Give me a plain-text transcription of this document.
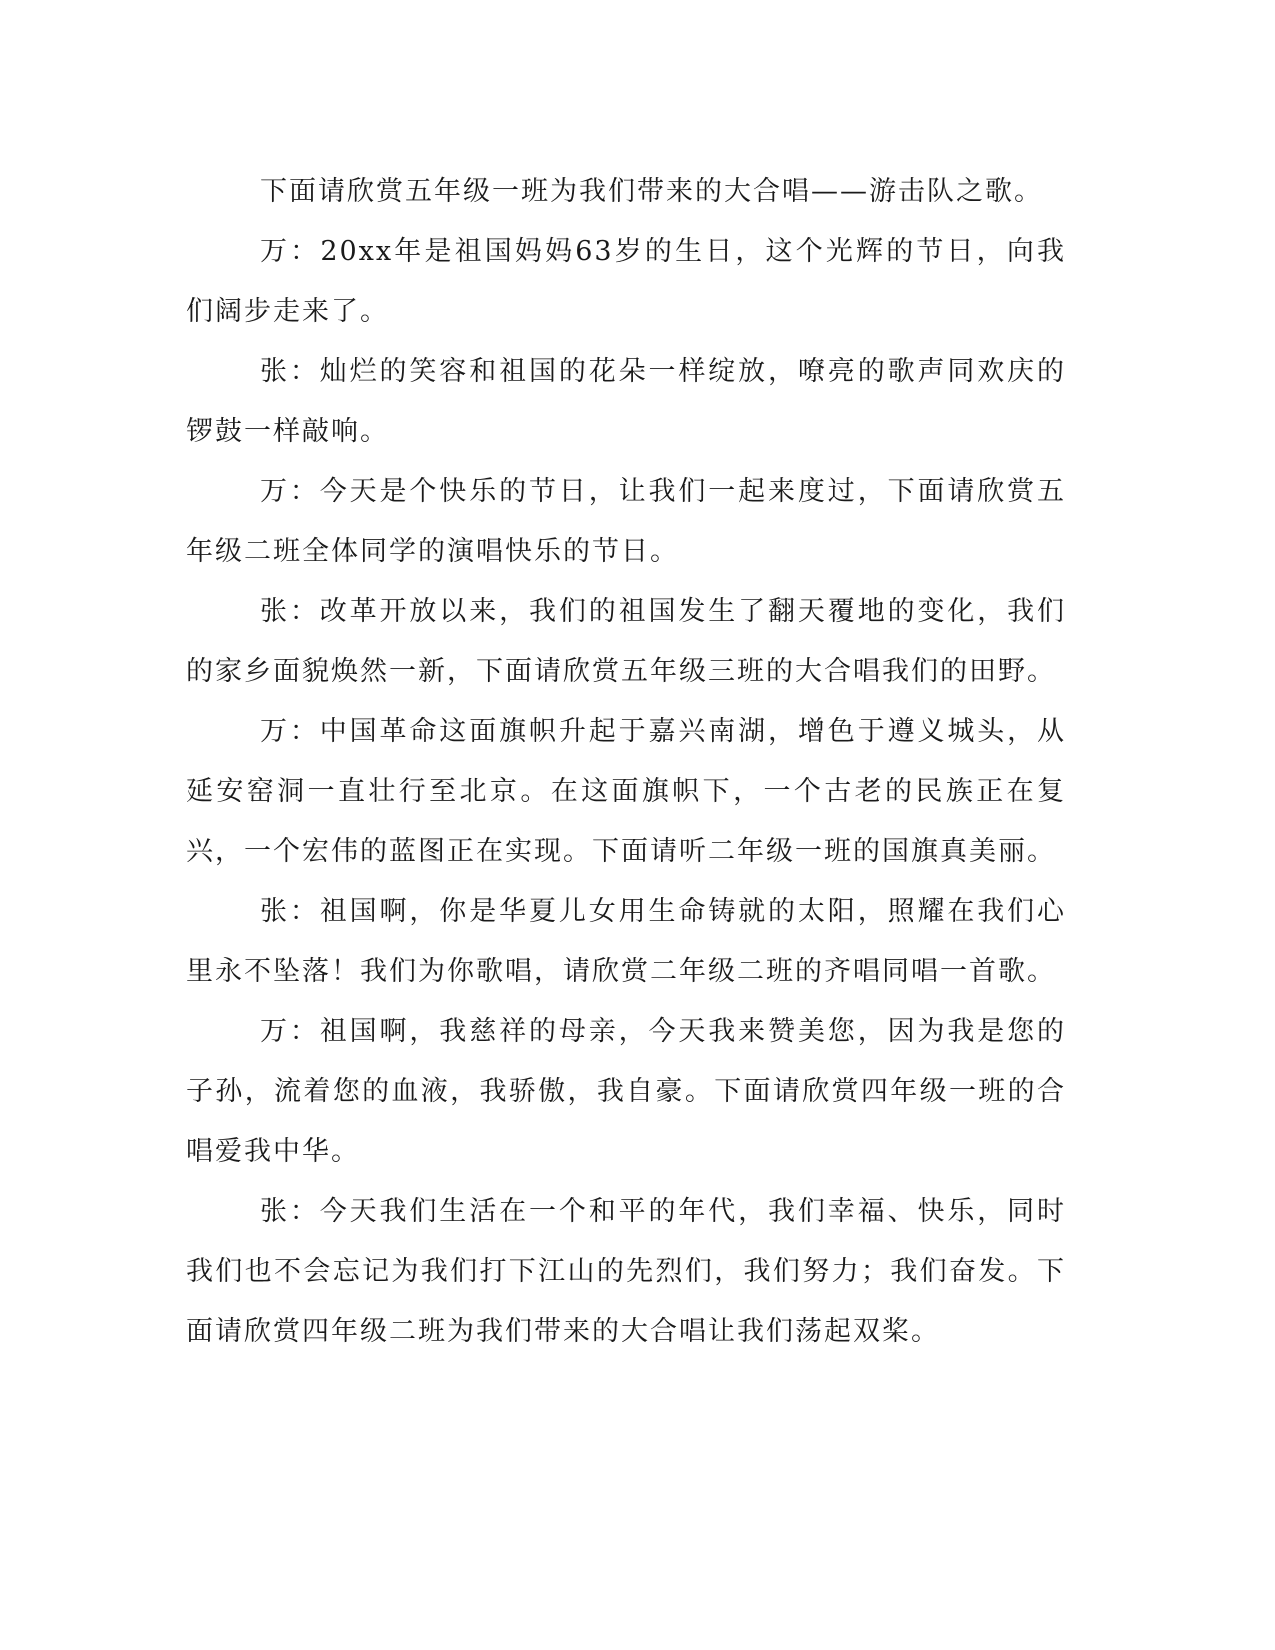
下面请欣赏五年级一班为我们带来的大合唱——游击队之歌。

万：20xx年是祖国妈妈63岁的生日，这个光辉的节日，向我们阔步走来了。

张：灿烂的笑容和祖国的花朵一样绽放，嘹亮的歌声同欢庆的锣鼓一样敲响。

万：今天是个快乐的节日，让我们一起来度过，下面请欣赏五年级二班全体同学的演唱快乐的节日。

张：改革开放以来，我们的祖国发生了翻天覆地的变化，我们的家乡面貌焕然一新，下面请欣赏五年级三班的大合唱我们的田野。

万：中国革命这面旗帜升起于嘉兴南湖，增色于遵义城头，从延安窑洞一直壮行至北京。在这面旗帜下，一个古老的民族正在复兴，一个宏伟的蓝图正在实现。下面请听二年级一班的国旗真美丽。

张：祖国啊，你是华夏儿女用生命铸就的太阳，照耀在我们心里永不坠落！我们为你歌唱，请欣赏二年级二班的齐唱同唱一首歌。

万：祖国啊，我慈祥的母亲，今天我来赞美您，因为我是您的子孙，流着您的血液，我骄傲，我自豪。下面请欣赏四年级一班的合唱爱我中华。

张：今天我们生活在一个和平的年代，我们幸福、快乐，同时我们也不会忘记为我们打下江山的先烈们，我们努力；我们奋发。下面请欣赏四年级二班为我们带来的大合唱让我们荡起双桨。
